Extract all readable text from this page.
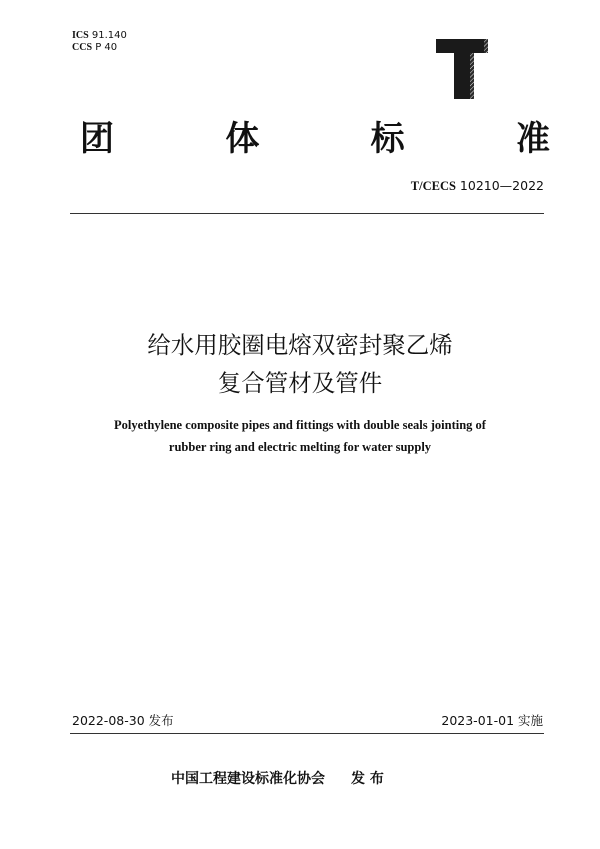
ICS 91.140
CCS P 40
团	体	标	准
T/CECS 10210—2022
给水用胶圈电熔双密封聚乙烯
复合管材及管件
Polyethylene composite pipes and fittings with double seals jointing of
rubber ring and electric melting for water supply
2022-08-30 发布	2023-01-01 实施
中国工程建设标准化协会 发 布
